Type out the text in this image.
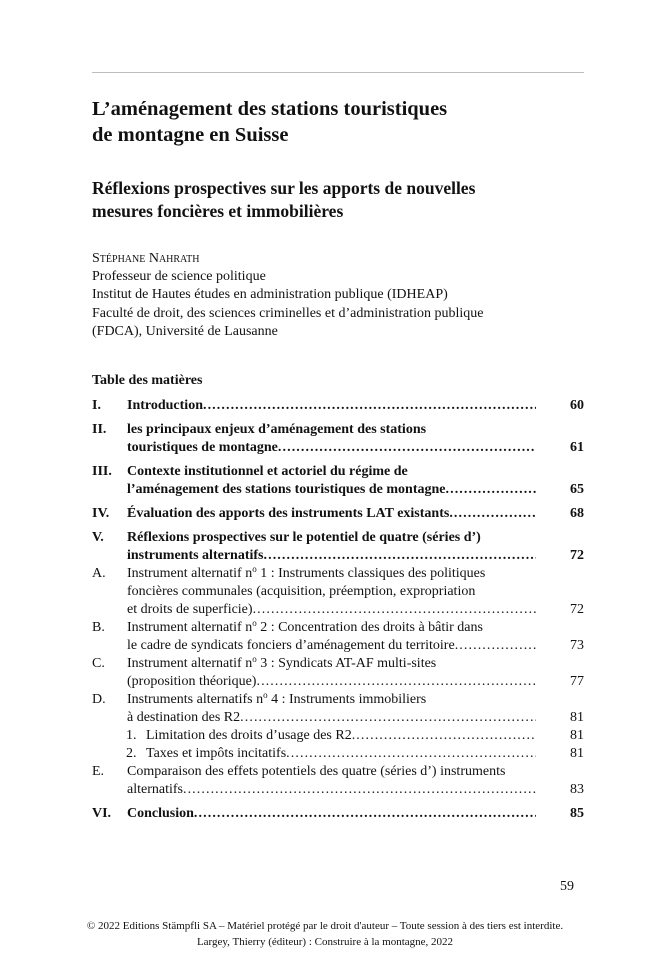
L’aménagement des stations touristiques
de montagne en Suisse
Réflexions prospectives sur les apports de nouvelles
mesures foncières et immobilières
Stéphane Nahrath
Professeur de science politique
Institut de Hautes études en administration publique (IDHEAP)
Faculté de droit, des sciences criminelles et d’administration publique
(FDCA), Université de Lausanne
Table des matières
I. Introduction . . .	60
II. les principaux enjeux d’aménagement des stations
touristiques de montagne . . .	61
III. Contexte institutionnel et actoriel du régime de
l’aménagement des stations touristiques de montagne . . .	65
IV. Évaluation des apports des instruments LAT existants . . .	68
V. Réflexions prospectives sur le potentiel de quatre (séries d’)
instruments alternatifs . . .	72
A. Instrument alternatif $n^o$ 1 : Instruments classiques des politiques
foncières communales (acquisition, préemption, expropriation
et droits de superficie) . . .	72
B. Instrument alternatif $n^o$ 2 : Concentration des droits à bâtir dans
le cadre de syndicats fonciers d’aménagement du territoire . . .	73
C. Instrument alternatif $n^o$ 3 : Syndicats AT-AF multi-sites
(proposition théorique) . . .	77
D. Instruments alternatifs $n^o$ 4 : Instruments immobiliers
à destination des R2 . . .	81
1. Limitation des droits d’usage des R2 . . .	81
2. Taxes et impôts incitatifs . . .	81
E. Comparaison des effets potentiels des quatre (séries d’) instruments
alternatifs . . .	83
VI. Conclusion . . .	85
59
© 2022 Editions Stämpfli SA – Matériel protégé par le droit d'auteur – Toute session à des tiers est interdite.
Largey, Thierry (éditeur) : Construire à la montagne, 2022
